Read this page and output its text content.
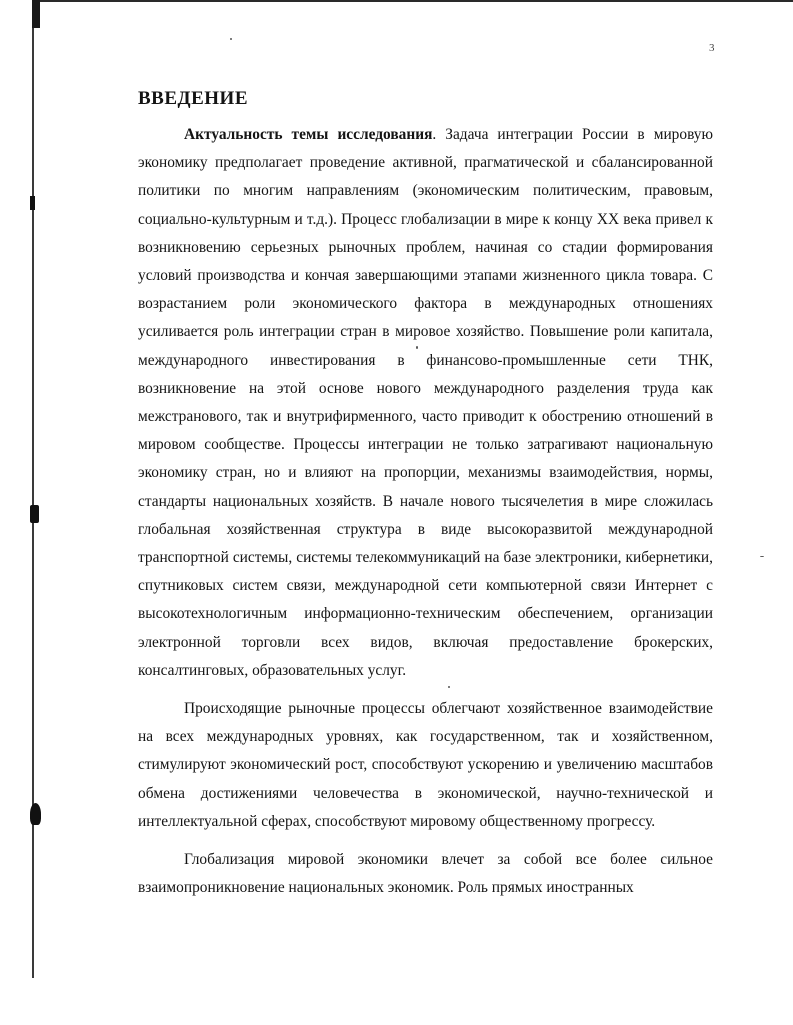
3
ВВЕДЕНИЕ

Актуальность темы исследования. Задача интеграции России в мировую экономику предполагает проведение активной, прагматической и сбалансированной политики по многим направлениям (экономическим политическим, правовым, социально-культурным и т.д.). Процесс глобализации в мире к концу XX века привел к возникновению серьезных рыночных проблем, начиная со стадии формирования условий производства и кончая завершающими этапами жизненного цикла товара. С возрастанием роли экономического фактора в международных отношениях усиливается роль интеграции стран в мировое хозяйство. Повышение роли капитала, международного инвестирования в финансово-промышленные сети ТНК, возникновение на этой основе нового международного разделения труда как межстранового, так и внутрифирменного, часто приводит к обострению отношений в мировом сообществе. Процессы интеграции не только затрагивают национальную экономику стран, но и влияют на пропорции, механизмы взаимодействия, нормы, стандарты национальных хозяйств. В начале нового тысячелетия в мире сложилась глобальная хозяйственная структура в виде высокоразвитой международной транспортной системы, системы телекоммуникаций на базе электроники, кибернетики, спутниковых систем связи, международной сети компьютерной связи Интернет с высокотехнологичным информационно-техническим обеспечением, организации электронной торговли всех видов, включая предоставление брокерских, консалтинговых, образовательных услуг.

Происходящие рыночные процессы облегчают хозяйственное взаимодействие на всех международных уровнях, как государственном, так и хозяйственном, стимулируют экономический рост, способствуют ускорению и увеличению масштабов обмена достижениями человечества в экономической, научно-технической и интеллектуальной сферах, способствуют мировому общественному прогрессу.

Глобализация мировой экономики влечет за собой все более сильное взаимопроникновение национальных экономик. Роль прямых иностранных
